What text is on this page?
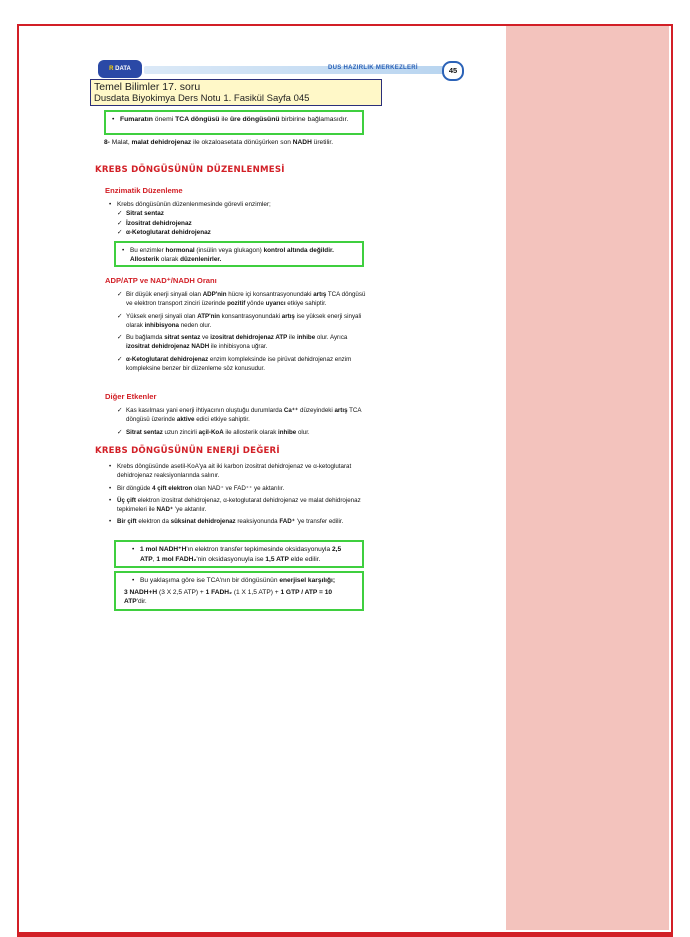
R DATA	DUS HAZIRLIK MERKEZLERİ	45
Temel Bilimler 17. soru
Dusdata Biyokimya Ders Notu 1. Fasikül Sayfa 045
• Fumaratın önemi TCA döngüsü ile üre döngüsünü birbirine bağlamasıdır.
8- Malat, malat dehidrojenaz ile okzaloasetata dönüşürken son NADH üretilir.
KREBS DÖNGÜSÜNÜN DÜZENLENMESİ
Enzimatik Düzenleme
• Krebs döngüsünün düzenlenmesinde görevli enzimler;
✓ Sitrat sentaz
✓ İzositrat dehidrojenaz
✓ α-Ketoglutarat dehidrojenaz
• Bu enzimler hormonal (insülin veya glukagon) kontrol altında değildir. Allosterik olarak düzenlenirler.
ADP/ATP ve NAD⁺/NADH Oranı
✓ Bir düşük enerji sinyali olan ADP'nin hücre içi konsantrasyonundaki artış TCA döngüsü ve elektron transport zinciri üzerinde pozitif yönde uyarıcı etkiye sahiptir.
✓ Yüksek enerji sinyali olan ATP'nin konsantrasyonundaki artış ise yüksek enerji sinyali olarak inhibisyona neden olur.
✓ Bu bağlamda sitrat sentaz ve izositrat dehidrojenaz ATP ile inhibe olur. Ayrıca izositrat dehidrojenaz NADH ile inhibisyona uğrar.
✓ α-Ketoglutarat dehidrojenaz enzim kompleksinde ise pirüvat dehidrojenaz enzim kompleksine benzer bir düzenleme söz konusudur.
Diğer Etkenler
✓ Kas kasılması yani enerji ihtiyacının oluştuğu durumlarda Ca⁺⁺ düzeyindeki artış TCA döngüsü üzerinde aktive edici etkiye sahiptir.
✓ Sitrat sentaz uzun zincirli açil-KoA ile allosterik olarak inhibe olur.
KREBS DÖNGÜSÜNÜN ENERJİ DEĞERİ
• Krebs döngüsünde asetil-KoA'ya ait iki karbon izositrat dehidrojenaz ve α-ketoglutarat dehidrojenaz reaksiyonlarında salınır.
• Bir döngüde 4 çift elektron olan NAD⁺ ve FAD⁺⁺ ye aktarılır.
• Üç çift elektron izositrat dehidrojenaz, α-ketoglutarat dehidrojenaz ve malat dehidrojenaz tepkimeleri ile NAD⁺ 'ye aktarılır.
• Bir çift elektron da süksinat dehidrojenaz reaksiyonunda FAD⁺ 'ye transfer edilir.
• 1 mol NADH⁺H'ın elektron transfer tepkimesinde oksidasyonuyla 2,5 ATP, 1 mol FADH₂'nin oksidasyonuyla ise 1,5 ATP elde edilir.
• Bu yaklaşıma göre ise TCA'nın bir döngüsünün enerjisel karşılığı;
3 NADH+H (3 X 2,5 ATP) + 1 FADH₂ (1 X 1,5 ATP) + 1 GTP / ATP = 10 ATP'dir.
